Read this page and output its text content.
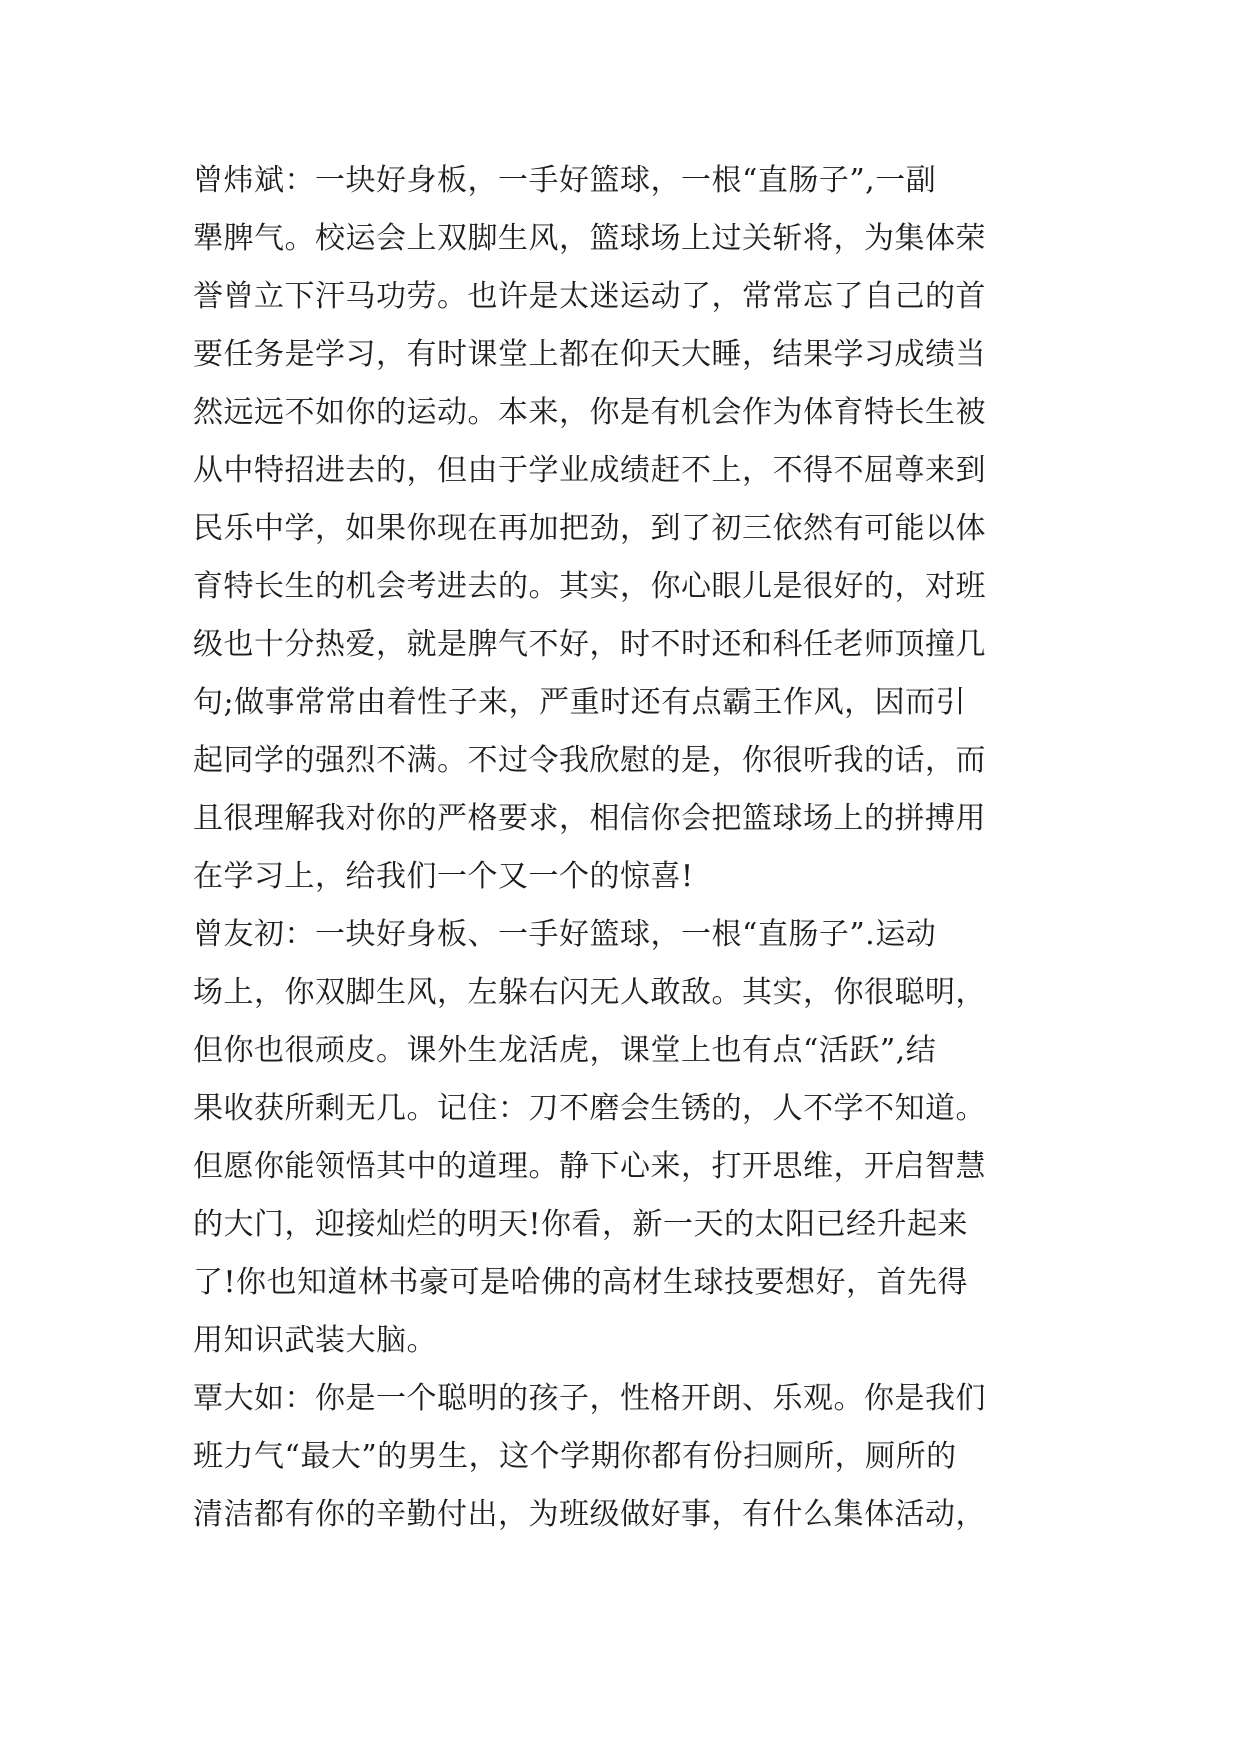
曾炜斌：一块好身板，一手好篮球，一根“直肠子”,一副
犟脾气。校运会上双脚生风，篮球场上过关斩将，为集体荣
誉曾立下汗马功劳。也许是太迷运动了，常常忘了自己的首
要任务是学习，有时课堂上都在仰天大睡，结果学习成绩当
然远远不如你的运动。本来，你是有机会作为体育特长生被
从中特招进去的，但由于学业成绩赶不上，不得不屈尊来到
民乐中学，如果你现在再加把劲，到了初三依然有可能以体
育特长生的机会考进去的。其实，你心眼儿是很好的，对班
级也十分热爱，就是脾气不好，时不时还和科任老师顶撞几
句;做事常常由着性子来，严重时还有点霸王作风，因而引
起同学的强烈不满。不过令我欣慰的是，你很听我的话，而
且很理解我对你的严格要求，相信你会把篮球场上的拼搏用
在学习上，给我们一个又一个的惊喜!
曾友初：一块好身板、一手好篮球，一根“直肠子”.运动
场上，你双脚生风，左躲右闪无人敢敌。其实，你很聪明，
但你也很顽皮。课外生龙活虎，课堂上也有点“活跃”,结
果收获所剩无几。记住：刀不磨会生锈的，人不学不知道。
但愿你能领悟其中的道理。静下心来，打开思维，开启智慧
的大门，迎接灿烂的明天!你看，新一天的太阳已经升起来
了!你也知道林书豪可是哈佛的高材生球技要想好，首先得
用知识武装大脑。
覃大如：你是一个聪明的孩子，性格开朗、乐观。你是我们
班力气“最大”的男生，这个学期你都有份扫厕所，厕所的
清洁都有你的辛勤付出，为班级做好事，有什么集体活动，
